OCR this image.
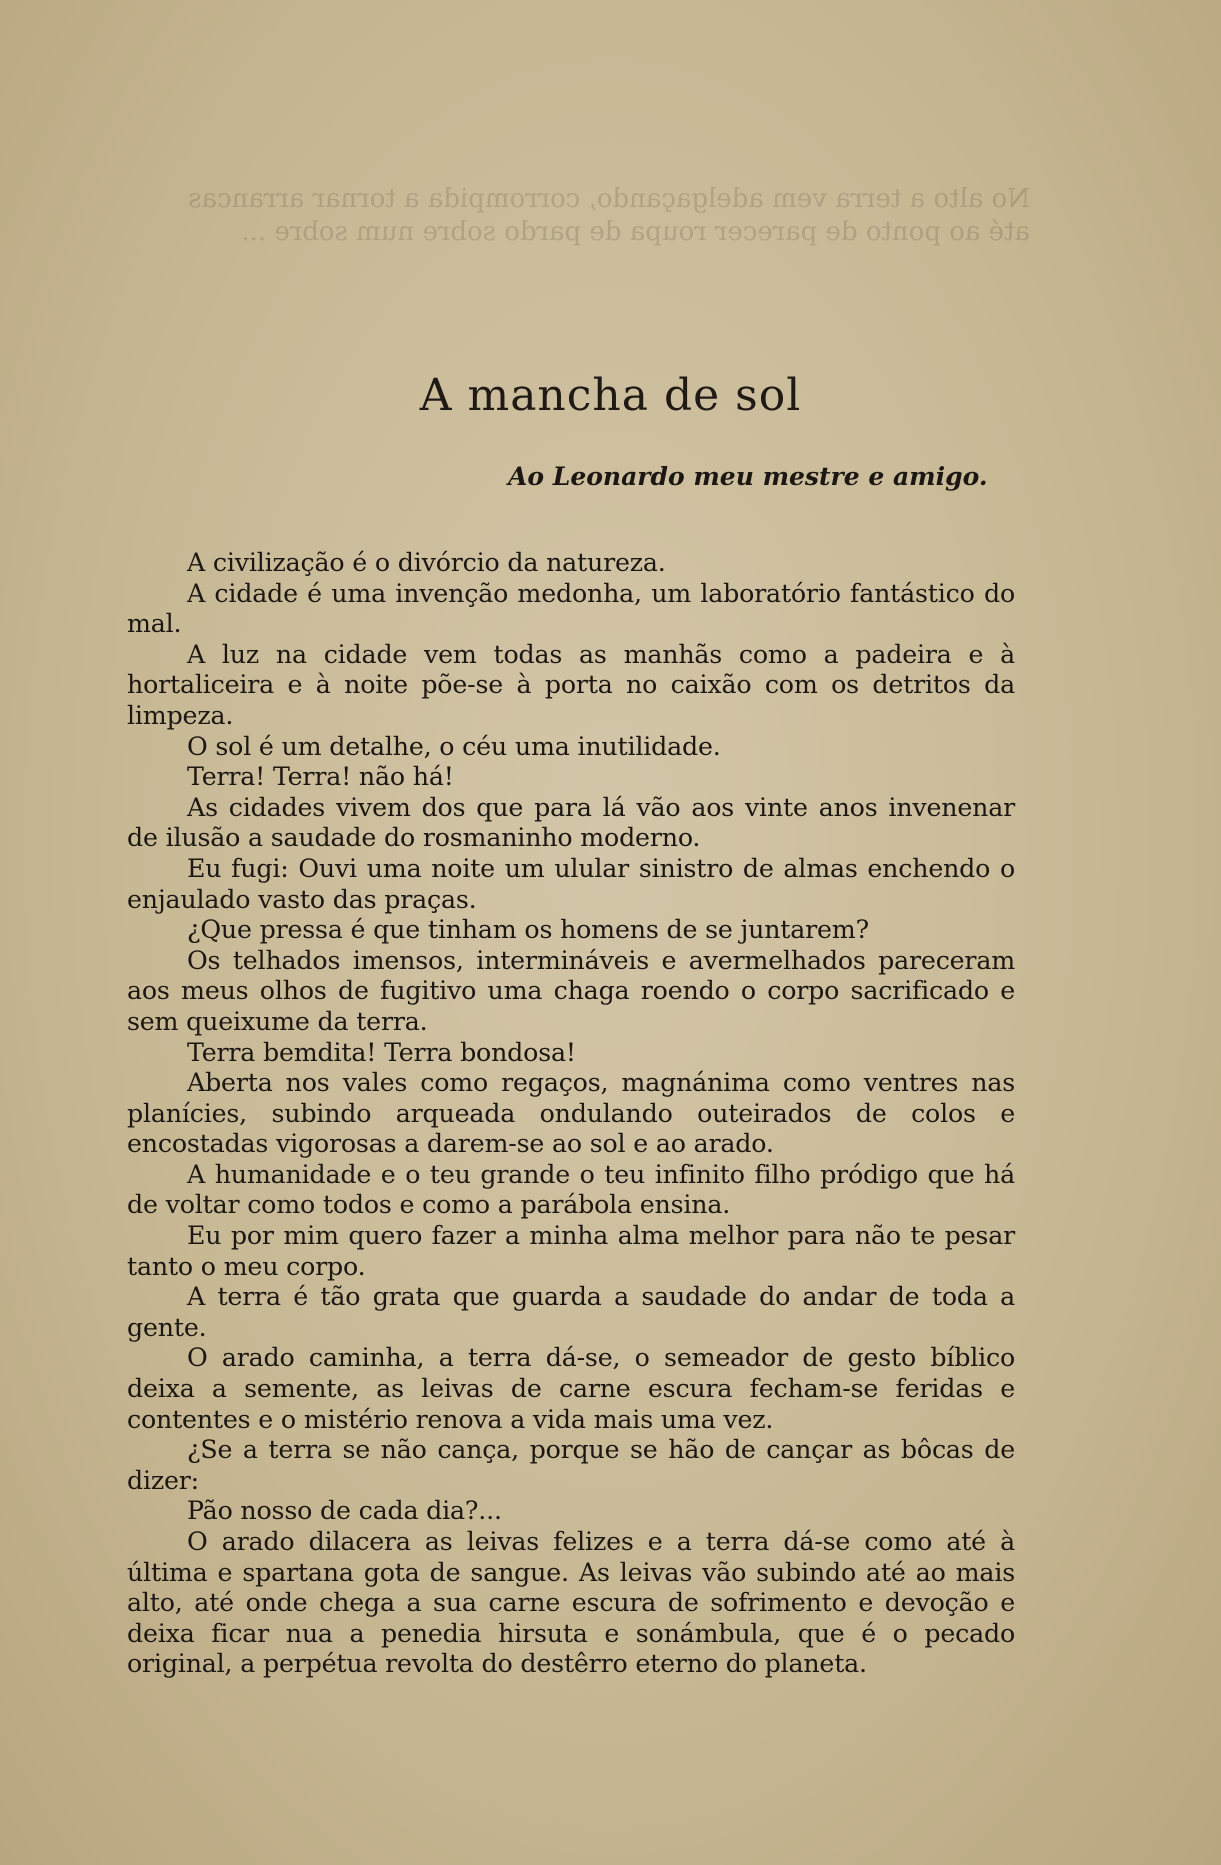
No alto a terra vem adelgaçando, corrompida a tornar arrancas
até ao ponto de parecer roupa de pardo sobre num sobre ...

A mancha de sol
Ao Leonardo meu mestre e amigo.

A civilização é o divórcio da natureza.

A cidade é uma invenção medonha, um laboratório fantástico do mal.

A luz na cidade vem todas as manhãs como a padeira e à hortaliceira e à noite põe-se à porta no caixão com os detritos da limpeza.

O sol é um detalhe, o céu uma inutilidade.

Terra! Terra! não há!

As cidades vivem dos que para lá vão aos vinte anos invenenar de ilusão a saudade do rosmaninho moderno.

Eu fugi: Ouvi uma noite um ulular sinistro de almas enchendo o enjaulado vasto das praças.

¿Que pressa é que tinham os homens de se juntarem?

Os telhados imensos, intermináveis e avermelhados pareceram aos meus olhos de fugitivo uma chaga roendo o corpo sacrificado e sem queixume da terra.

Terra bemdita! Terra bondosa!

Aberta nos vales como regaços, magnánima como ventres nas planícies, subindo arqueada ondulando outeirados de colos e encostadas vigorosas a darem-se ao sol e ao arado.

A humanidade e o teu grande o teu infinito filho pródigo que há de voltar como todos e como a parábola ensina.

Eu por mim quero fazer a minha alma melhor para não te pesar tanto o meu corpo.

A terra é tão grata que guarda a saudade do andar de toda a gente.

O arado caminha, a terra dá-se, o semeador de gesto bíblico deixa a semente, as leivas de carne escura fecham-se feridas e contentes e o mistério renova a vida mais uma vez.

¿Se a terra se não cança, porque se hão de cançar as bôcas de dizer:

Pão nosso de cada dia?...

O arado dilacera as leivas felizes e a terra dá-se como até à última e spartana gota de sangue. As leivas vão subindo até ao mais alto, até onde chega a sua carne escura de sofrimento e devoção e deixa ficar nua a penedia hirsuta e sonámbula, que é o pecado original, a perpétua revolta do destêrro eterno do planeta.
